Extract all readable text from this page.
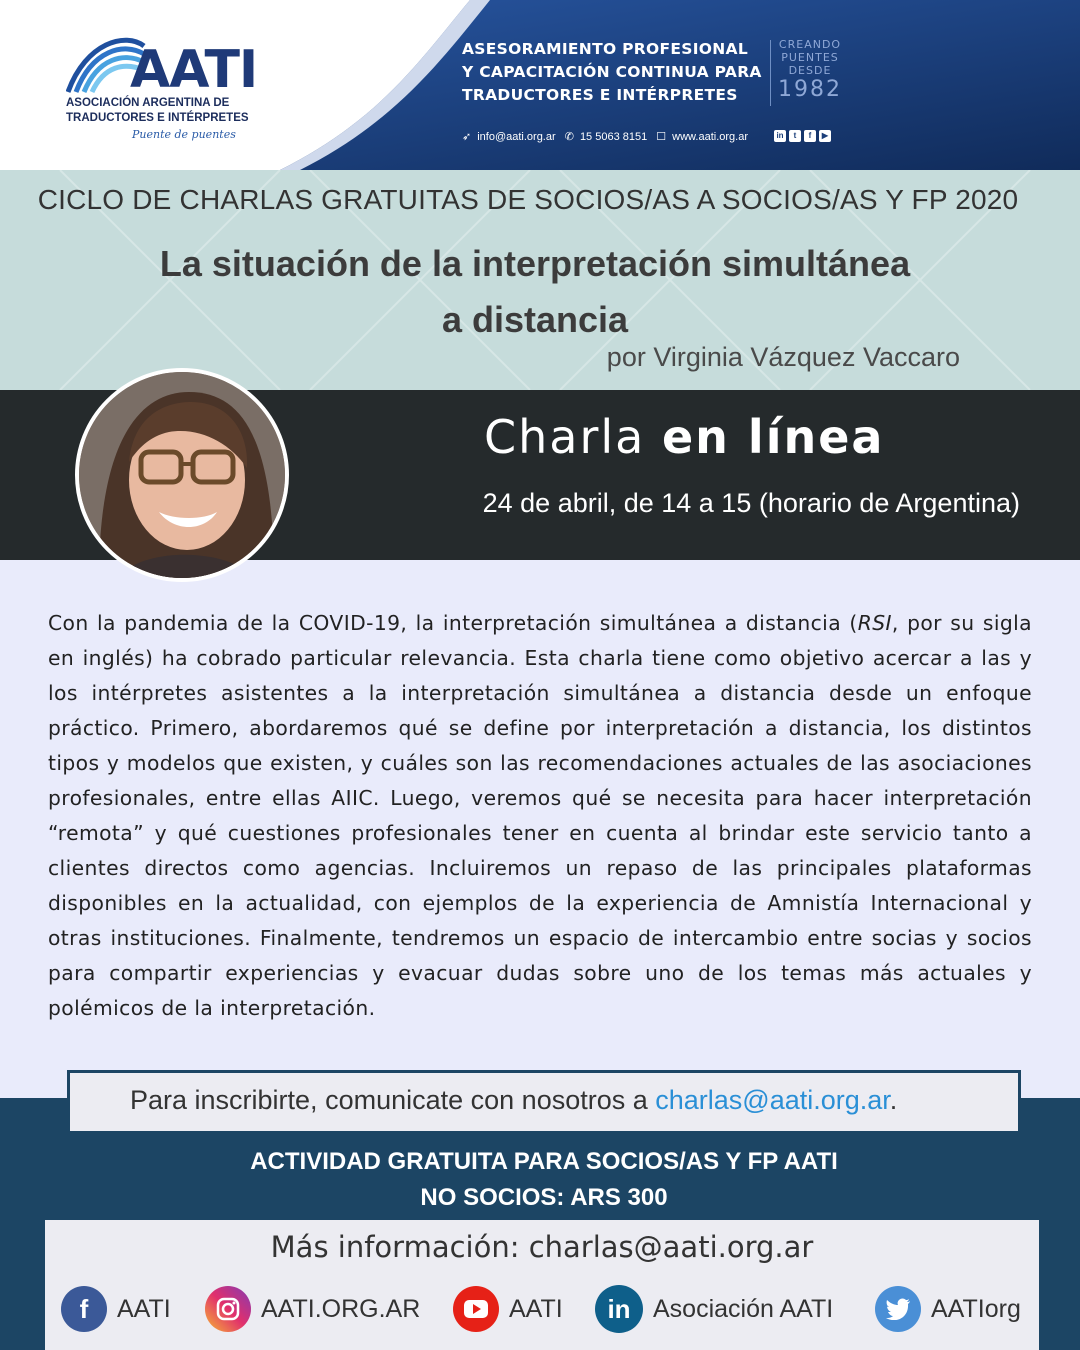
AATI
ASOCIACIÓN ARGENTINA DE
TRADUCTORES E INTÉRPRETES
Puente de puentes
ASESORAMIENTO PROFESIONAL
Y CAPACITACIÓN CONTINUA PARA
TRADUCTORES E INTÉRPRETES
CREANDO
PUENTES
DESDE
1982
➶ info@aati.org.ar ✆ 15 5063 8151 ☐ www.aati.org.ar	in	t	f	▶
CICLO DE CHARLAS GRATUITAS DE SOCIOS/AS A SOCIOS/AS Y FP 2020
La situación de la interpretación simultánea
a distancia
por Virginia Vázquez Vaccaro
Charla en línea
24 de abril, de 14 a 15 (horario de Argentina)
Con la pandemia de la COVID-19, la interpretación simultánea a distancia (RSI, por su sigla en inglés) ha cobrado particular relevancia. Esta charla tiene como objetivo acercar a las y los intérpretes asistentes a la interpretación simultánea a distancia desde un enfoque práctico. Primero, abordaremos qué se define por interpretación a distancia, los distintos tipos y modelos que existen, y cuáles son las recomendaciones actuales de las asociaciones profesionales, entre ellas AIIC. Luego, veremos qué se necesita para hacer interpretación “remota” y qué cuestiones profesionales tener en cuenta al brindar este servicio tanto a clientes directos como agencias. Incluiremos un repaso de las principales plataformas disponibles en la actualidad, con ejemplos de la experiencia de Amnistía Internacional y otras instituciones. Finalmente, tendremos un espacio de intercambio entre socias y socios para compartir experiencias y evacuar dudas sobre uno de los temas más actuales y polémicos de la interpretación.
Para inscribirte, comunicate con nosotros a charlas@aati.org.ar.
ACTIVIDAD GRATUITA PARA SOCIOS/AS Y FP AATI
NO SOCIOS: ARS 300
Más información: charlas@aati.org.ar
f	AATI	AATI.ORG.AR	AATI	in Asociación AATI	AATIorg
